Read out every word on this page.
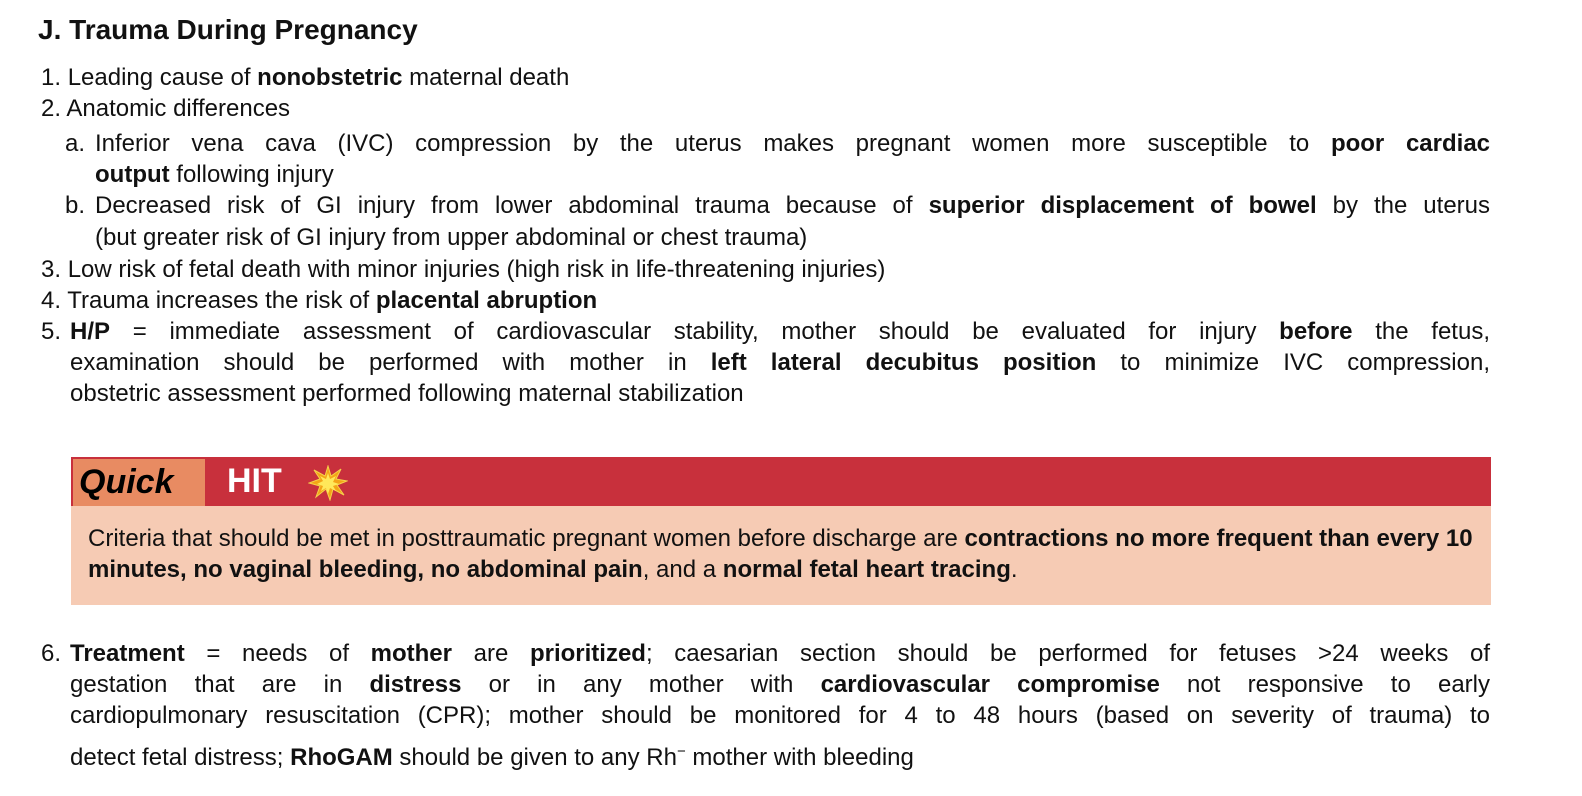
J. Trauma During Pregnancy
1. Leading cause of nonobstetric maternal death
2. Anatomic differences
a. Inferior vena cava (IVC) compression by the uterus makes pregnant women more susceptible to poor cardiac
output following injury
b. Decreased risk of GI injury from lower abdominal trauma because of superior displacement of bowel by the uterus
(but greater risk of GI injury from upper abdominal or chest trauma)
3. Low risk of fetal death with minor injuries (high risk in life-threatening injuries)
4. Trauma increases the risk of placental abruption
5. H/P = immediate assessment of cardiovascular stability, mother should be evaluated for injury before the fetus,
examination should be performed with mother in left lateral decubitus position to minimize IVC compression,
obstetric assessment performed following maternal stabilization
Quick	HIT
Criteria that should be met in posttraumatic pregnant women before discharge are contractions no more frequent than every 10 minutes, no vaginal bleeding, no abdominal pain, and a normal fetal heart tracing.
6. Treatment = needs of mother are prioritized; caesarian section should be performed for fetuses >24 weeks of
gestation that are in distress or in any mother with cardiovascular compromise not responsive to early
cardiopulmonary resuscitation (CPR); mother should be monitored for 4 to 48 hours (based on severity of trauma) to
detect fetal distress; RhoGAM should be given to any Rh− mother with bleeding
